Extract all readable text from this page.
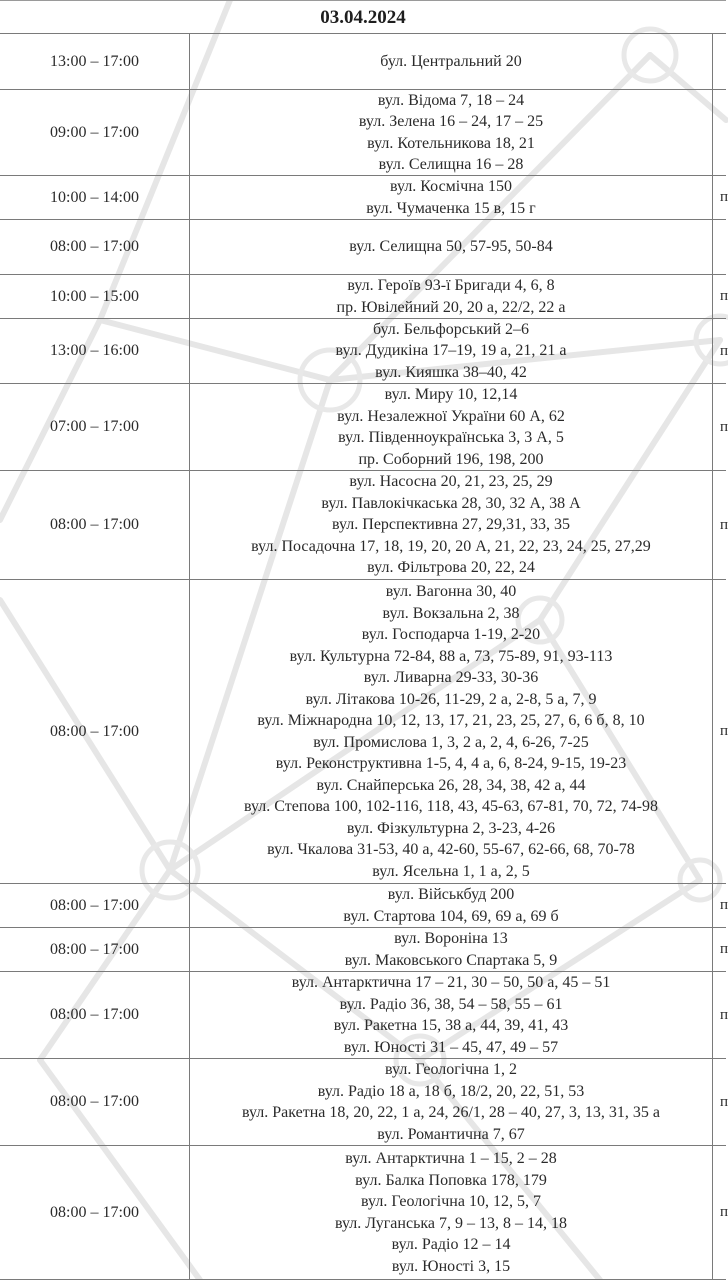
03.04.2024
13:00 – 17:00	бул. Центральний 20
09:00 – 17:00
вул. Відома 7, 18 – 24
вул. Зелена 16 – 24, 17 – 25
вул. Котельникова 18, 21
вул. Селищна 16 – 28
10:00 – 14:00
вул. Космічна 150
вул. Чумаченка 15 в, 15 г
п
08:00 – 17:00	вул. Селищна 50, 57-95, 50-84
10:00 – 15:00
вул. Героїв 93-ї Бригади 4, 6, 8
пр. Ювілейний 20, 20 а, 22/2, 22 а
п
13:00 – 16:00
бул. Бельфорський 2–6
вул. Дудикіна 17–19, 19 а, 21, 21 а
вул. Кияшка 38–40, 42
п
07:00 – 17:00
вул. Миру 10, 12,14
вул. Незалежної України 60 А, 62
вул. Південноукраїнська 3, 3 А, 5
пр. Соборний 196, 198, 200
п
08:00 – 17:00
вул. Насосна 20, 21, 23, 25, 29
вул. Павлокічкаська 28, 30, 32 А, 38 А
вул. Перспективна 27, 29,31, 33, 35
вул. Посадочна 17, 18, 19, 20, 20 А, 21, 22, 23, 24, 25, 27,29
вул. Фільтрова 20, 22, 24
п
08:00 – 17:00
вул. Вагонна 30, 40
вул. Вокзальна 2, 38
вул. Господарча 1-19, 2-20
вул. Культурна 72-84, 88 а, 73, 75-89, 91, 93-113
вул. Ливарна 29-33, 30-36
вул. Літакова 10-26, 11-29, 2 а, 2-8, 5 а, 7, 9
вул. Міжнародна 10, 12, 13, 17, 21, 23, 25, 27, 6, 6 б, 8, 10
вул. Промислова 1, 3, 2 а, 2, 4, 6-26, 7-25
вул. Реконструктивна 1-5, 4, 4 а, 6, 8-24, 9-15, 19-23
вул. Снайперська 26, 28, 34, 38, 42 а, 44
вул. Степова 100, 102-116, 118, 43, 45-63, 67-81, 70, 72, 74-98
вул. Фізкультурна 2, 3-23, 4-26
вул. Чкалова 31-53, 40 а, 42-60, 55-67, 62-66, 68, 70-78
вул. Ясельна 1, 1 а, 2, 5
п
08:00 – 17:00
вул. Військбуд 200
вул. Стартова 104, 69, 69 а, 69 б
п
08:00 – 17:00
вул. Вороніна 13
вул. Маковського Спартака 5, 9
п
08:00 – 17:00
вул. Антарктична 17 – 21, 30 – 50, 50 а, 45 – 51
вул. Радіо 36, 38, 54 – 58, 55 – 61
вул. Ракетна 15, 38 а, 44, 39, 41, 43
вул. Юності 31 – 45, 47, 49 – 57
п
08:00 – 17:00
вул. Геологічна 1, 2
вул. Радіо 18 а, 18 б, 18/2, 20, 22, 51, 53
вул. Ракетна 18, 20, 22, 1 а, 24, 26/1, 28 – 40, 27, 3, 13, 31, 35 а
вул. Романтична 7, 67
п
08:00 – 17:00
вул. Антарктична 1 – 15, 2 – 28
вул. Балка Поповка 178, 179
вул. Геологічна 10, 12, 5, 7
вул. Луганська 7, 9 – 13, 8 – 14, 18
вул. Радіо 12 – 14
вул. Юності 3, 15
п
